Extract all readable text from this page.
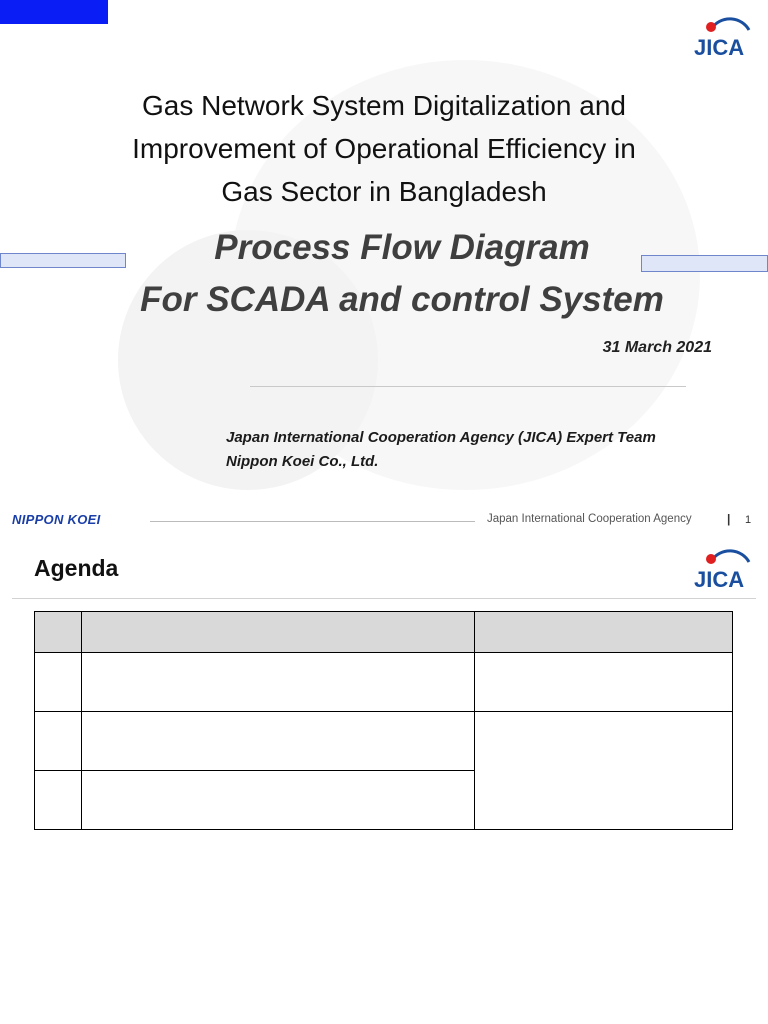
JICA
Gas Network System Digitalization and
Improvement of Operational Efficiency in
Gas Sector in Bangladesh
Process Flow Diagram
For SCADA and control System
31 March 2021
Japan International Cooperation Agency (JICA) Expert Team
Nippon Koei Co., Ltd.
NIPPON KOEI	Japan International Cooperation Agency	| 1
Agenda	JICA
